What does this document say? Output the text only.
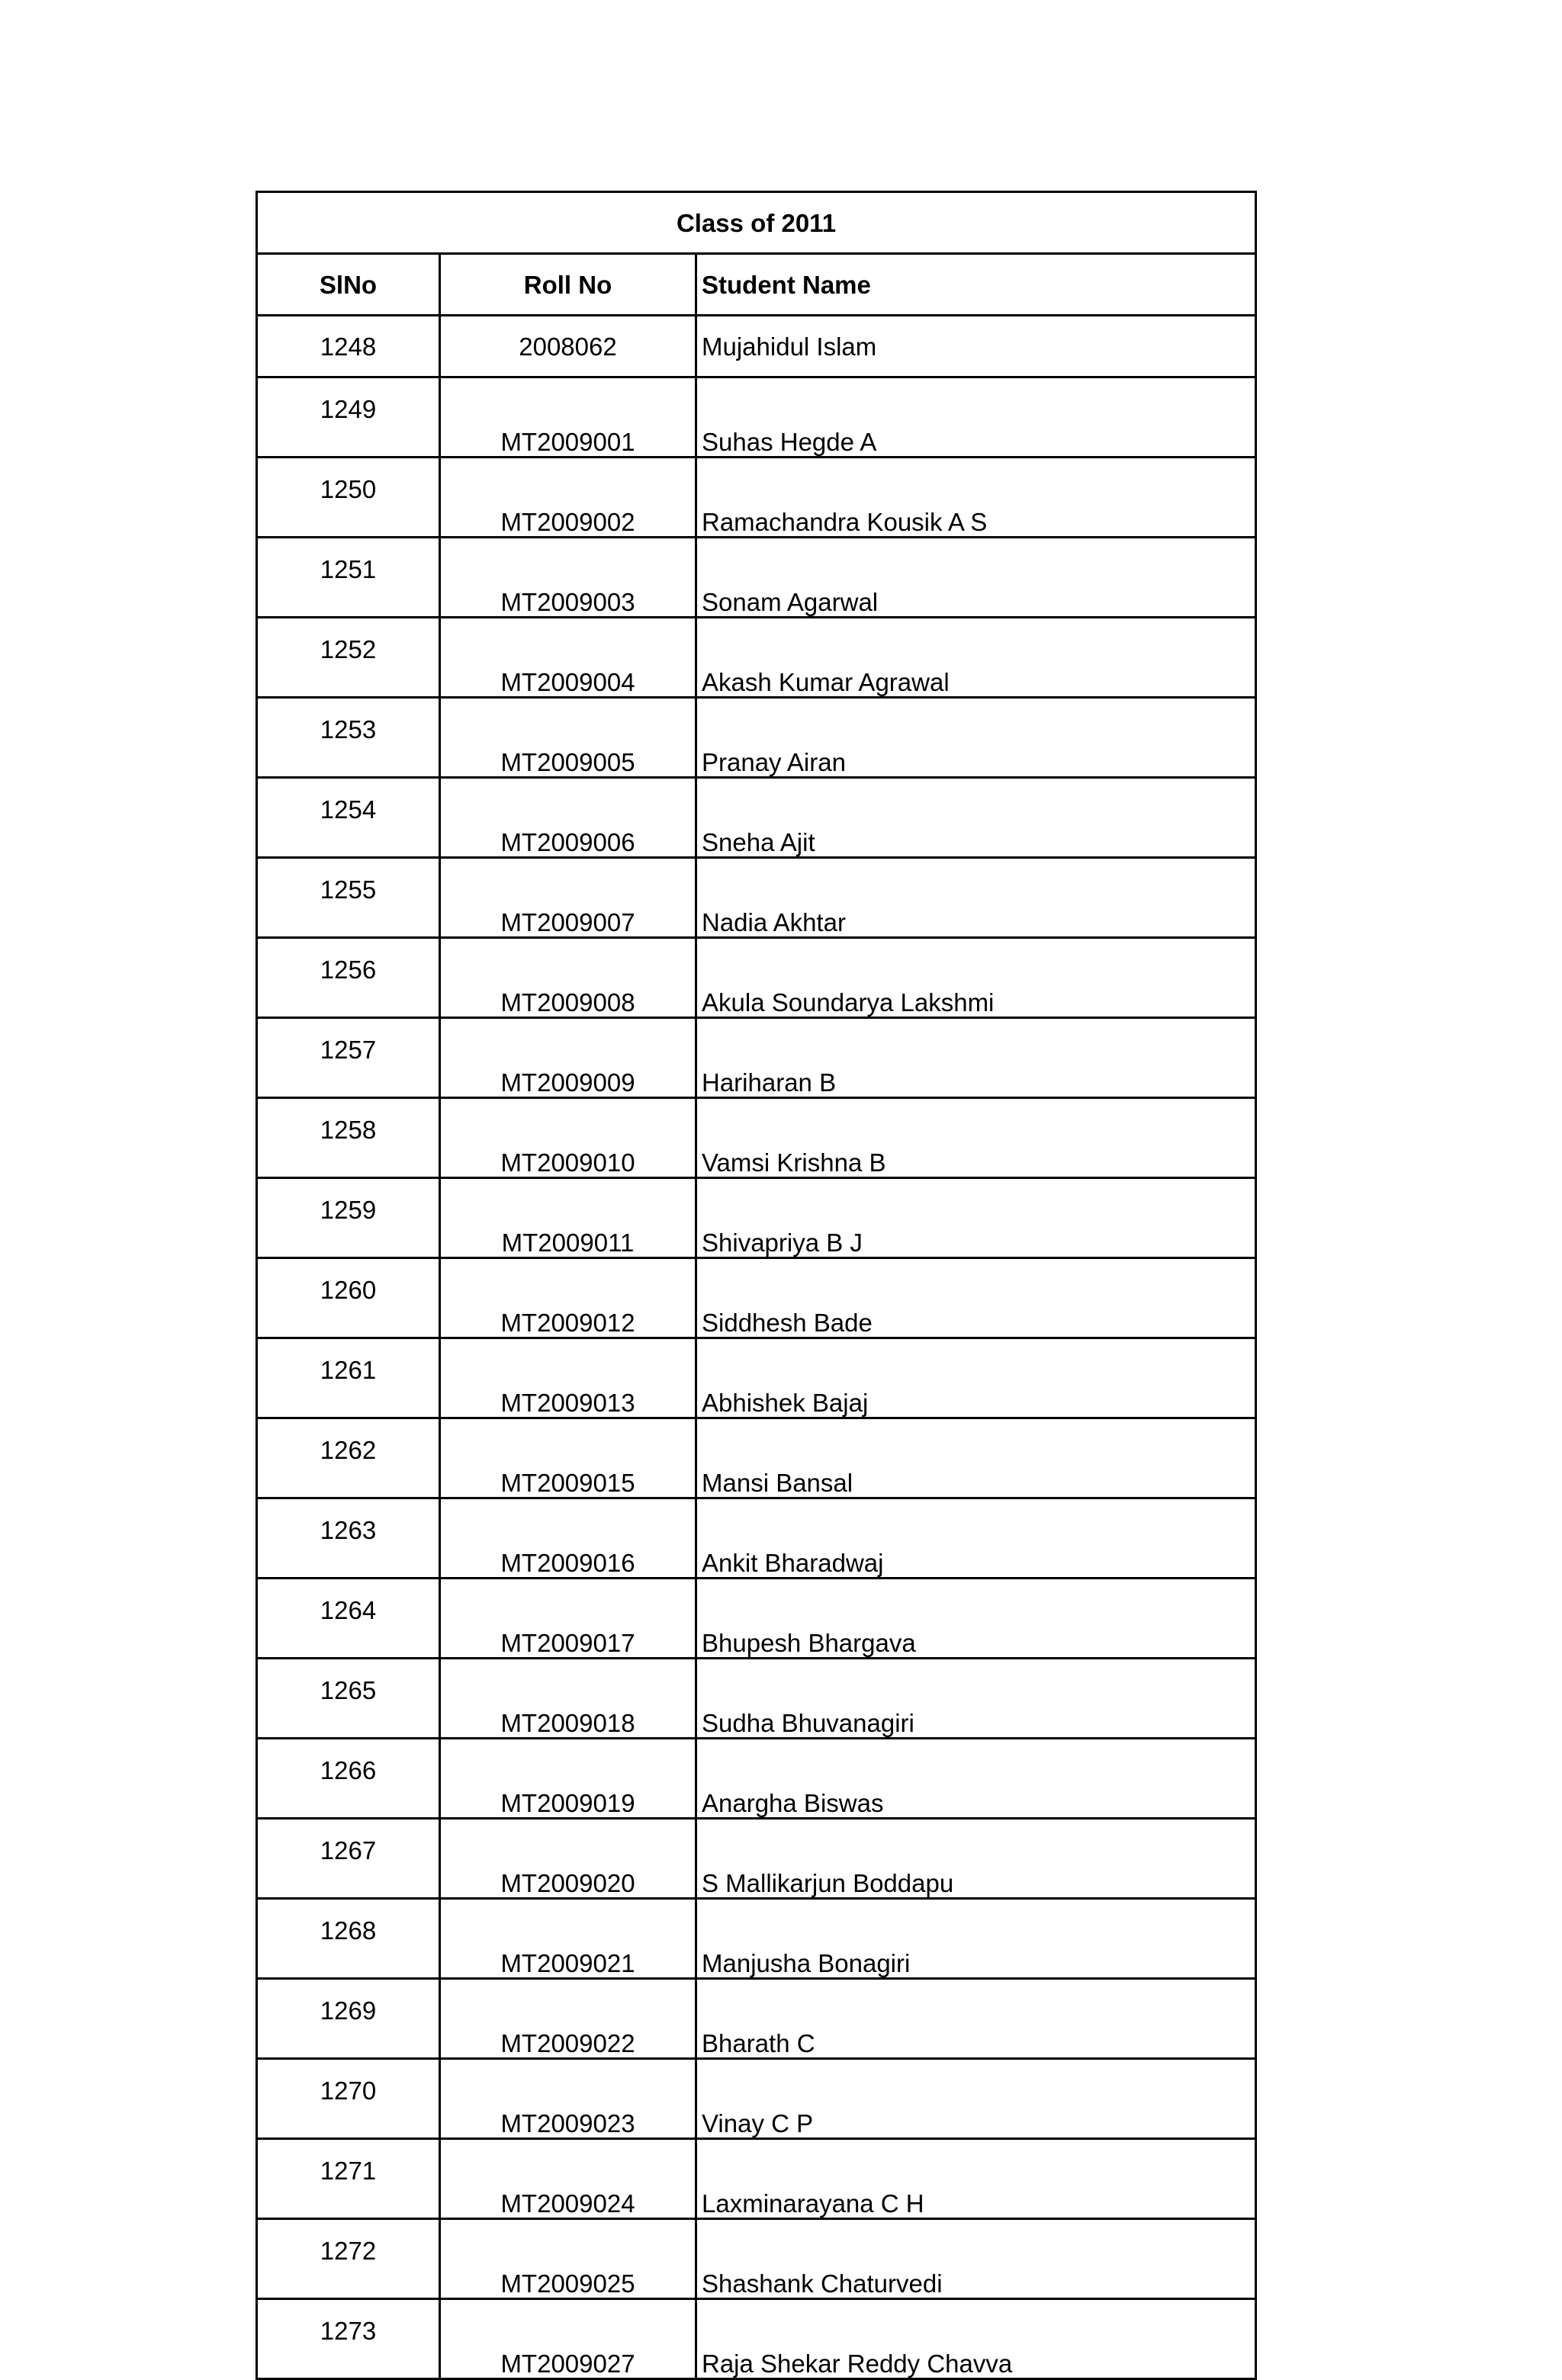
Class of 2011		
SlNo	Roll No	Student Name
1248	2008062	Mujahidul Islam
1249	MT2009001	Suhas Hegde A
1250	MT2009002	Ramachandra Kousik A S
1251	MT2009003	Sonam Agarwal
1252	MT2009004	Akash Kumar Agrawal
1253	MT2009005	Pranay Airan
1254	MT2009006	Sneha Ajit
1255	MT2009007	Nadia Akhtar
1256	MT2009008	Akula Soundarya Lakshmi
1257	MT2009009	Hariharan B
1258	MT2009010	Vamsi Krishna B
1259	MT2009011	Shivapriya B J
1260	MT2009012	Siddhesh Bade
1261	MT2009013	Abhishek Bajaj
1262	MT2009015	Mansi Bansal
1263	MT2009016	Ankit Bharadwaj
1264	MT2009017	Bhupesh Bhargava
1265	MT2009018	Sudha Bhuvanagiri
1266	MT2009019	Anargha Biswas
1267	MT2009020	S Mallikarjun Boddapu
1268	MT2009021	Manjusha Bonagiri
1269	MT2009022	Bharath C
1270	MT2009023	Vinay C P
1271	MT2009024	Laxminarayana C H
1272	MT2009025	Shashank Chaturvedi
1273	MT2009027	Raja Shekar Reddy Chavva
